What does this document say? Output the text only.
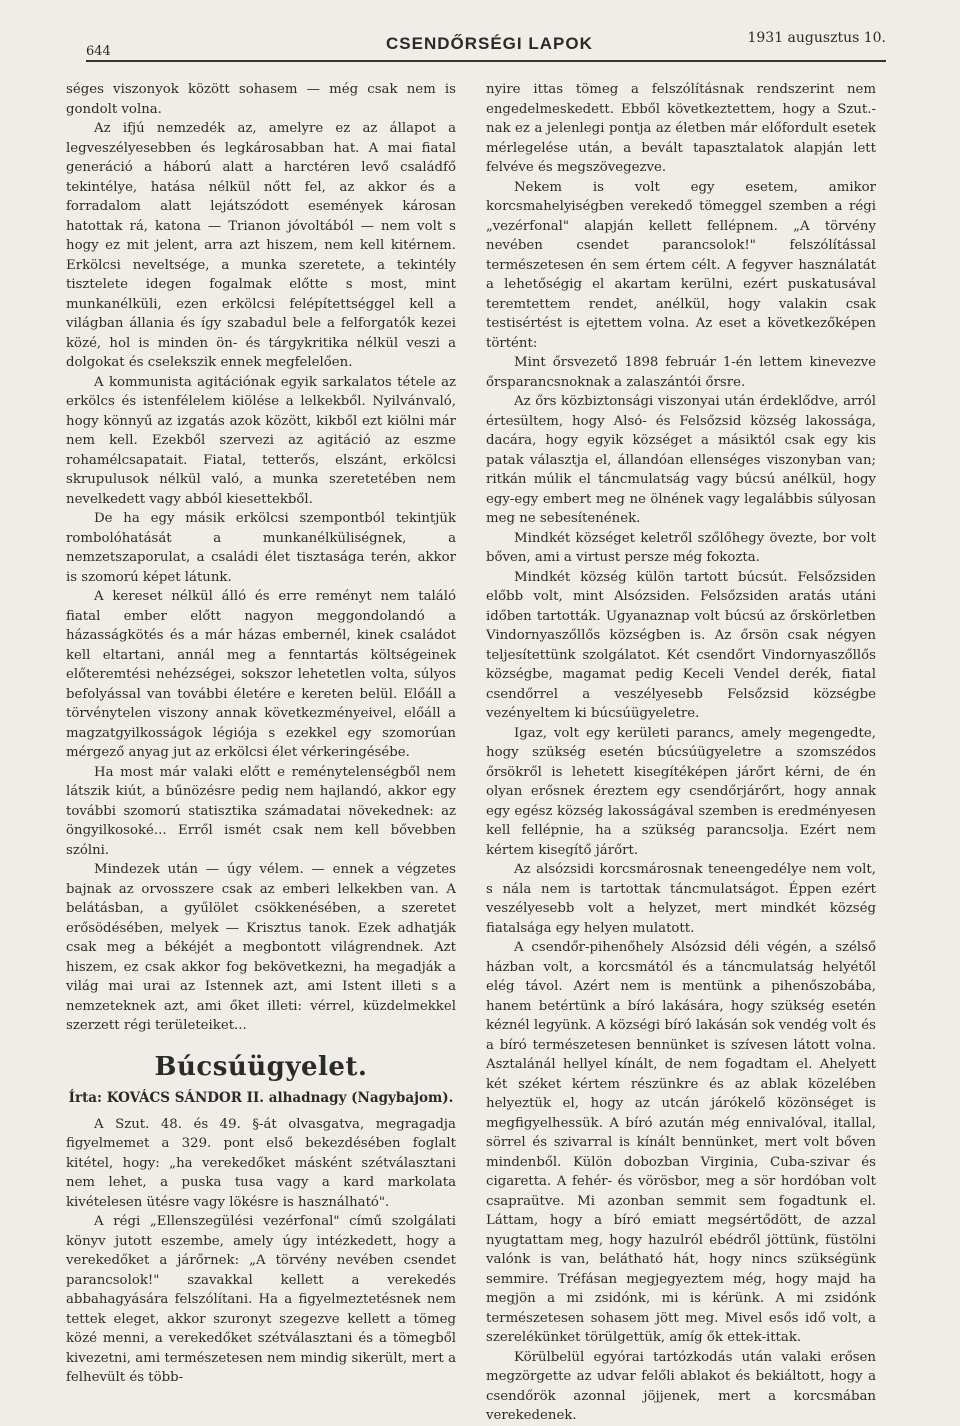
644	CSENDŐRSÉGI LAPOK	1931 augusztus 10.

séges viszonyok között sohasem — még csak nem is gondolt volna.

Az ifjú nemzedék az, amelyre ez az állapot a legveszélyesebben és legkárosabban hat. A mai fiatal generáció a háború alatt a harctéren levő családfő tekintélye, hatása nélkül nőtt fel, az akkor és a forradalom alatt lejátszódott események károsan hatottak rá, katona — Trianon jóvoltából — nem volt s hogy ez mit jelent, arra azt hiszem, nem kell kitérnem. Erkölcsi neveltsége, a munka szeretete, a tekintély tisztelete idegen fogalmak előtte s most, mint munkanélküli, ezen erkölcsi felépítettséggel kell a világban állania és így szabadul bele a felforgatók kezei közé, hol is minden ön- és tárgykritika nélkül veszi a dolgokat és cselekszik ennek megfelelően.

A kommunista agitációnak egyik sarkalatos tétele az erkölcs és istenfélelem kiölése a lelkekből. Nyilvánvaló, hogy könnyű az izgatás azok között, kikből ezt kiölni már nem kell. Ezekből szervezi az agitáció az eszme rohamélcsapatait. Fiatal, tetterős, elszánt, erkölcsi skrupulusok nélkül való, a munka szeretetében nem nevelkedett vagy abból kiesettekből.

De ha egy másik erkölcsi szempontból tekintjük rombolóhatását a munkanélküliségnek, a nemzetszaporulat, a családi élet tisztasága terén, akkor is szomorú képet látunk.

A kereset nélkül álló és erre reményt nem találó fiatal ember előtt nagyon meggondolandó a házasságkötés és a már házas embernél, kinek családot kell eltartani, annál meg a fenntartás költségeinek előteremtési nehézségei, sokszor lehetetlen volta, súlyos befolyással van további életére e kereten belül. Előáll a törvénytelen viszony annak következményeivel, előáll a magzatgyilkosságok légiója s ezekkel egy szomorúan mérgező anyag jut az erkölcsi élet vérkeringésébe.

Ha most már valaki előtt e reménytelenségből nem látszik kiút, a bűnözésre pedig nem hajlandó, akkor egy további szomorú statisztika számadatai növekednek: az öngyilkosoké... Erről ismét csak nem kell bővebben szólni.

Mindezek után — úgy vélem. — ennek a végzetes bajnak az orvosszere csak az emberi lelkekben van. A belátásban, a gyűlölet csökkenésében, a szeretet erősödésében, melyek — Krisztus tanok. Ezek adhatják csak meg a békéjét a megbontott világrendnek. Azt hiszem, ez csak akkor fog bekövetkezni, ha megadják a világ mai urai az Istennek azt, ami Istent illeti s a nemzeteknek azt, ami őket illeti: vérrel, küzdelmekkel szerzett régi területeiket...

Búcsúügyelet.
Írta: KOVÁCS SÁNDOR II. alhadnagy (Nagybajom).

A Szut. 48. és 49. §-át olvasgatva, megragadja figyelmemet a 329. pont első bekezdésében foglalt kitétel, hogy: „ha verekedőket másként szétválasztani nem lehet, a puska tusa vagy a kard markolata kivételesen ütésre vagy lökésre is használható".

A régi „Ellenszegülési vezérfonal" című szolgálati könyv jutott eszembe, amely úgy intézkedett, hogy a verekedőket a járőrnek: „A törvény nevében csendet parancsolok!" szavakkal kellett a verekedés abbahagyására felszólítani. Ha a figyelmeztetésnek nem tettek eleget, akkor szuronyt szegezve kellett a tömeg közé menni, a verekedőket szétválasztani és a tömegből kivezetni, ami természetesen nem mindig sikerült, mert a felhevült és több-

nyire ittas tömeg a felszólításnak rendszerint nem engedelmeskedett. Ebből következtettem, hogy a Szut.-nak ez a jelenlegi pontja az életben már előfordult esetek mérlegelése után, a bevált tapasztalatok alapján lett felvéve és megszövegezve.

Nekem is volt egy esetem, amikor korcsmahelyiségben verekedő tömeggel szemben a régi „vezérfonal" alapján kellett fellépnem. „A törvény nevében csendet parancsolok!" felszólítással természetesen én sem értem célt. A fegyver használatát a lehetőségig el akartam kerülni, ezért puskatusával teremtettem rendet, anélkül, hogy valakin csak testisértést is ejtettem volna. Az eset a következőképen történt:

Mint őrsvezető 1898 február 1-én lettem kinevezve őrsparancsnoknak a zalaszántói őrsre.

Az őrs közbiztonsági viszonyai után érdeklődve, arról értesültem, hogy Alsó- és Felsőzsid község lakossága, dacára, hogy egyik községet a másiktól csak egy kis patak választja el, állandóan ellenséges viszonyban van; ritkán múlik el táncmulatság vagy búcsú anélkül, hogy egy-egy embert meg ne ölnének vagy legalábbis súlyosan meg ne sebesítenének.

Mindkét községet keletről szőlőhegy övezte, bor volt bőven, ami a virtust persze még fokozta.

Mindkét község külön tartott búcsút. Felsőzsiden előbb volt, mint Alsózsiden. Felsőzsiden aratás utáni időben tartották. Ugyanaznap volt búcsú az őrskörletben Vindornyaszőllős községben is. Az őrsön csak négyen teljesítettünk szolgálatot. Két csendőrt Vindornyaszőllős községbe, magamat pedig Keceli Vendel derék, fiatal csendőrrel a veszélyesebb Felsőzsid községbe vezényeltem ki búcsúügyeletre.

Igaz, volt egy kerületi parancs, amely megengedte, hogy szükség esetén búcsúügyeletre a szomszédos őrsökről is lehetett kisegítéképen járőrt kérni, de én olyan erősnek éreztem egy csendőrjárőrt, hogy annak egy egész község lakosságával szemben is eredményesen kell fellépnie, ha a szükség parancsolja. Ezért nem kértem kisegítő járőrt.

Az alsózsidi korcsmárosnak teneengedélye nem volt, s nála nem is tartottak táncmulatságot. Éppen ezért veszélyesebb volt a helyzet, mert mindkét község fiatalsága egy helyen mulatott.

A csendőr-pihenőhely Alsózsid déli végén, a szélső házban volt, a korcsmától és a táncmulatság helyétől elég távol. Azért nem is mentünk a pihenőszobába, hanem betértünk a bíró lakására, hogy szükség esetén kéznél legyünk. A községi bíró lakásán sok vendég volt és a bíró természetesen bennünket is szívesen látott volna. Asztalánál hellyel kínált, de nem fogadtam el. Ahelyett két széket kértem részünkre és az ablak közelében helyeztük el, hogy az utcán járókelő közönséget is megfigyelhessük. A bíró azután még ennivalóval, itallal, sörrel és szivarral is kínált bennünket, mert volt bőven mindenből. Külön dobozban Virginia, Cuba-szivar és cigaretta. A fehér- és vörösbor, meg a sör hordóban volt csapraütve. Mi azonban semmit sem fogadtunk el. Láttam, hogy a bíró emiatt megsértődött, de azzal nyugtattam meg, hogy hazulról ebédről jöttünk, füstölni valónk is van, belátható hát, hogy nincs szükségünk semmire. Tréfásan megjegyeztem még, hogy majd ha megjön a mi zsidónk, mi is kérünk. A mi zsidónk természetesen sohasem jött meg. Mivel esős idő volt, a szerelékünket törülgettük, amíg ők ettek-ittak.

Körülbelül egyórai tartózkodás után valaki erősen megzörgette az udvar felőli ablakot és bekiáltott, hogy a csendőrök azonnal jöjjenek, mert a korcsmában verekedenek.
